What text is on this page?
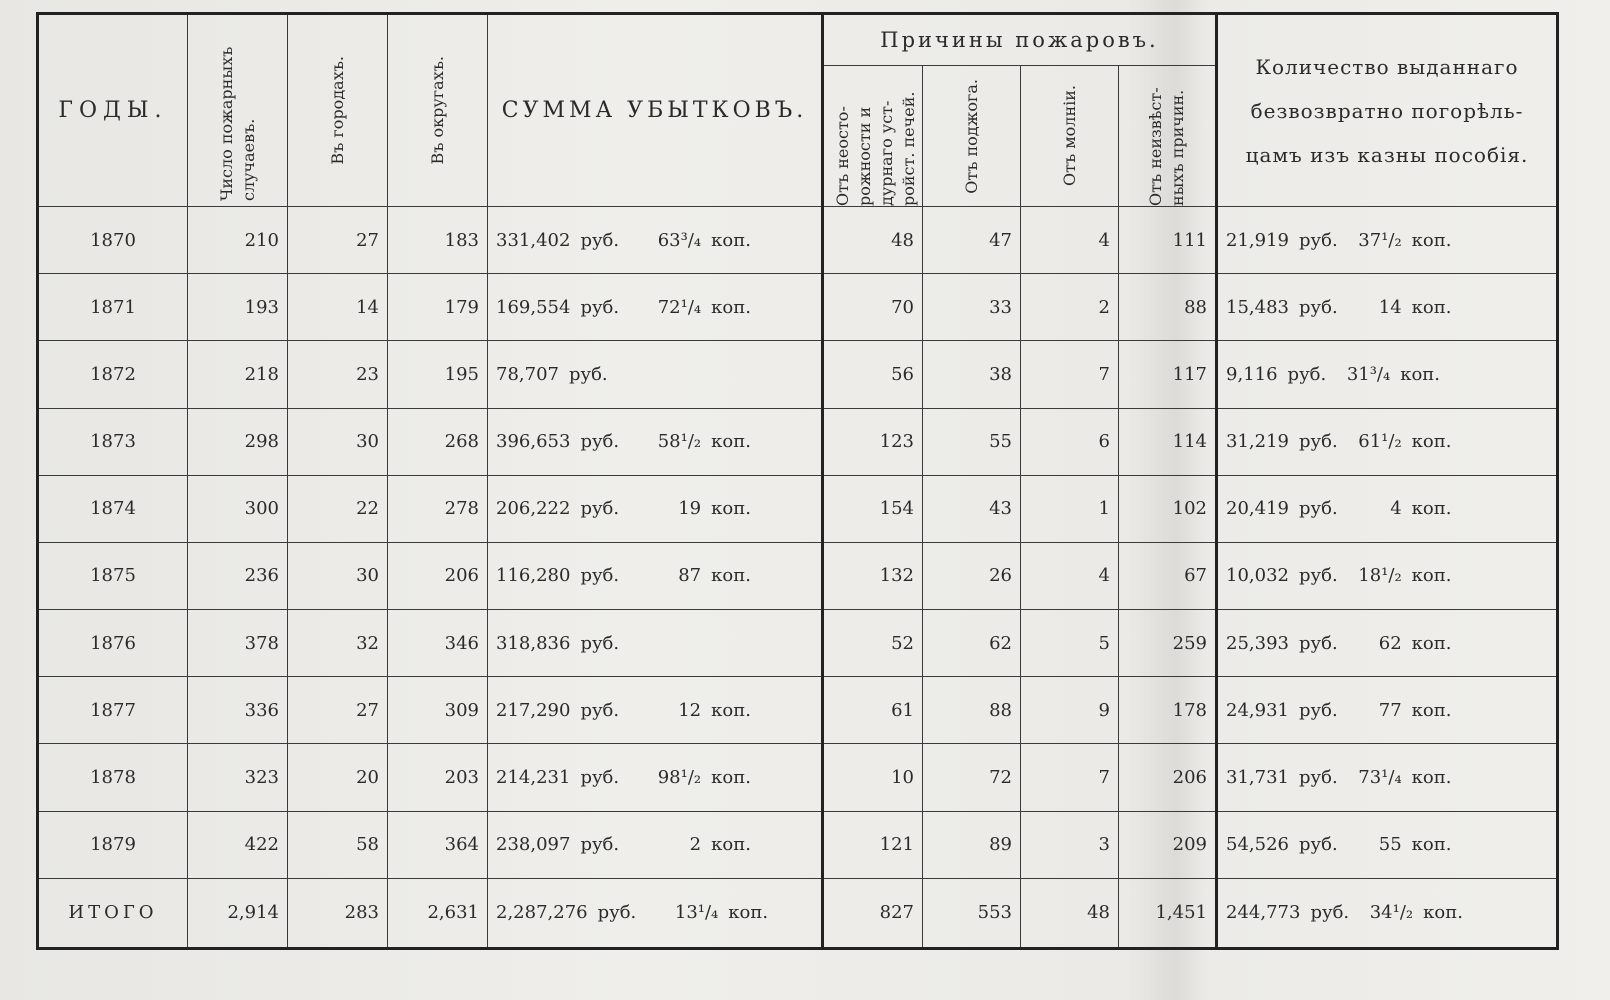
ГОДЫ.	Число пожарныхъ случаевъ.	Въ городахъ.	Въ округахъ.	СУММА УБЫТКОВЪ.	Причины пожаровъ.				Количество выданнаго безвозвратно погорѣль-цамъ изъ казны пособія.

					Отъ неосто-рожности и дурнаго уст-ройст. печей.	Отъ поджога.	Отъ молніи.	Отъ неизвѣст-ныхъ причин.	

1870	210	27	183	331,402 руб. 63³/₄ коп.	48	47	4	111	21,919 руб. 37¹/₂ коп.
1871	193	14	179	169,554 руб. 72¹/₄ коп.	70	33	2	88	15,483 руб. 14 коп.
1872	218	23	195	78,707 руб.	56	38	7	117	9,116 руб. 31³/₄ коп.
1873	298	30	268	396,653 руб. 58¹/₂ коп.	123	55	6	114	31,219 руб. 61¹/₂ коп.
1874	300	22	278	206,222 руб. 19 коп.	154	43	1	102	20,419 руб. 4 коп.
1875	236	30	206	116,280 руб. 87 коп.	132	26	4	67	10,032 руб. 18¹/₂ коп.
1876	378	32	346	318,836 руб.	52	62	5	259	25,393 руб. 62 коп.
1877	336	27	309	217,290 руб. 12 коп.	61	88	9	178	24,931 руб. 77 коп.
1878	323	20	203	214,231 руб. 98¹/₂ коп.	10	72	7	206	31,731 руб. 73¹/₄ коп.
1879	422	58	364	238,097 руб. 2 коп.	121	89	3	209	54,526 руб. 55 коп.
ИТОГО	2,914	283	2,631	2,287,276 руб. 13¹/₄ коп.	827	553	48	1,451	244,773 руб. 34¹/₂ коп.
